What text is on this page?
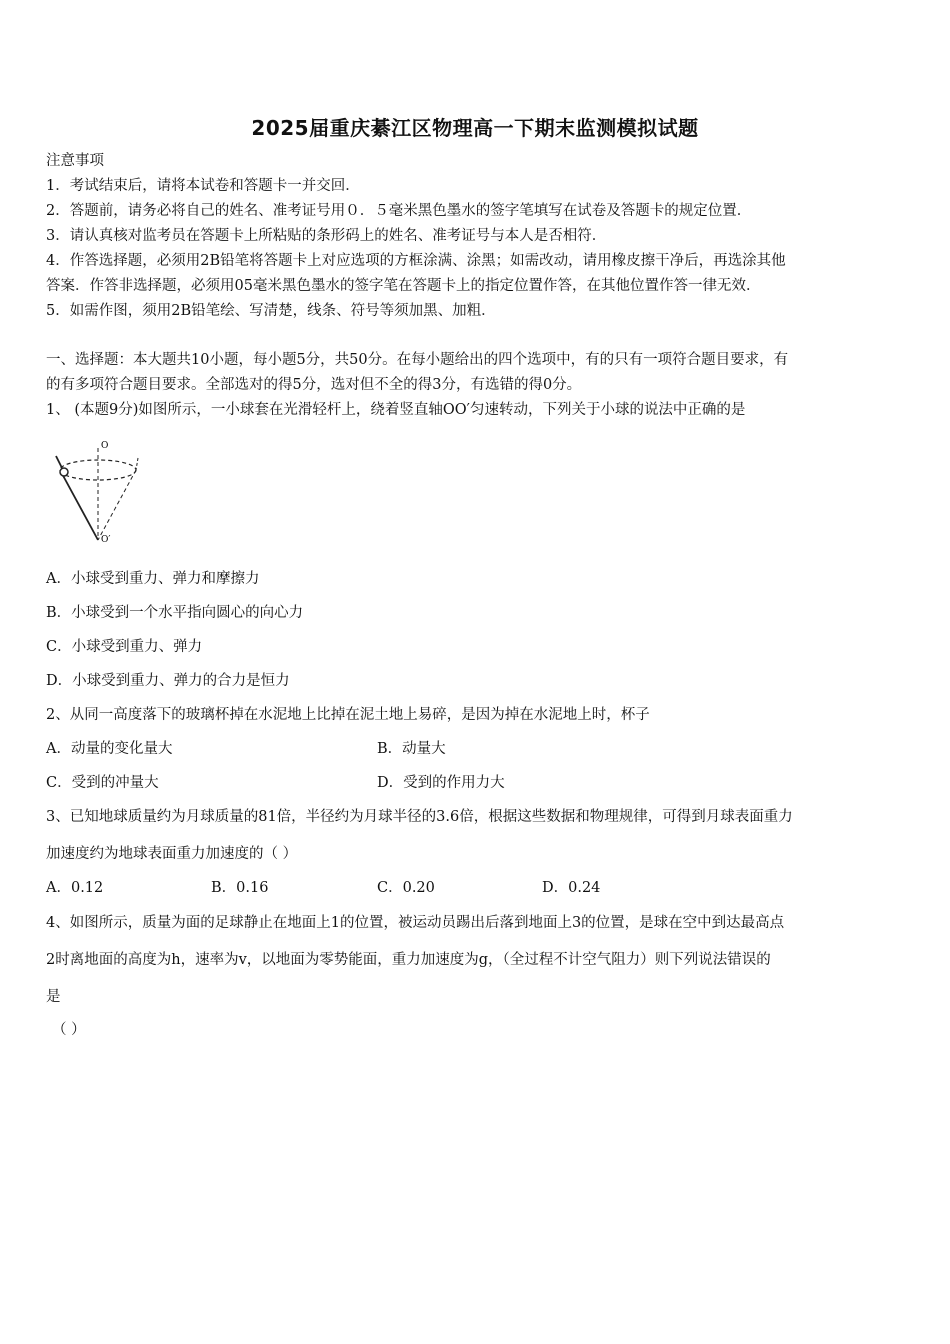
2025届重庆綦江区物理高一下期末监测模拟试题
注意事项
1．考试结束后，请将本试卷和答题卡一并交回．
2．答题前，请务必将自己的姓名、准考证号用０．５毫米黑色墨水的签字笔填写在试卷及答题卡的规定位置．
3．请认真核对监考员在答题卡上所粘贴的条形码上的姓名、准考证号与本人是否相符．
4．作答选择题，必须用2B铅笔将答题卡上对应选项的方框涂满、涂黑；如需改动，请用橡皮擦干净后，再选涂其他
答案．作答非选择题，必须用05毫米黑色墨水的签字笔在答题卡上的指定位置作答，在其他位置作答一律无效．
5．如需作图，须用2B铅笔绘、写清楚，线条、符号等须加黑、加粗．
一、选择题：本大题共10小题，每小题5分，共50分。在每小题给出的四个选项中，有的只有一项符合题目要求，有
的有多项符合题目要求。全部选对的得5分，选对但不全的得3分，有选错的得0分。
1、 (本题9分)如图所示，一小球套在光滑轻杆上，绕着竖直轴OO′匀速转动，下列关于小球的说法中正确的是
O
O′
A．小球受到重力、弹力和摩擦力
B．小球受到一个水平指向圆心的向心力
C．小球受到重力、弹力
D．小球受到重力、弹力的合力是恒力
2、从同一高度落下的玻璃杯掉在水泥地上比掉在泥土地上易碎，是因为掉在水泥地上时，杯子
A．动量的变化量大	B．动量大
C．受到的冲量大	D．受到的作用力大
3、已知地球质量约为月球质量的81倍，半径约为月球半径的3.6倍，根据这些数据和物理规律，可得到月球表面重力
加速度约为地球表面重力加速度的（ ）
A．0.12	B．0.16	C．0.20	D．0.24
4、如图所示，质量为面的足球静止在地面上1的位置，被运动员踢出后落到地面上3的位置，是球在空中到达最高点
2时离地面的高度为h，速率为v，以地面为零势能面，重力加速度为g，（全过程不计空气阻力）则下列说法错误的
是
（ ）
